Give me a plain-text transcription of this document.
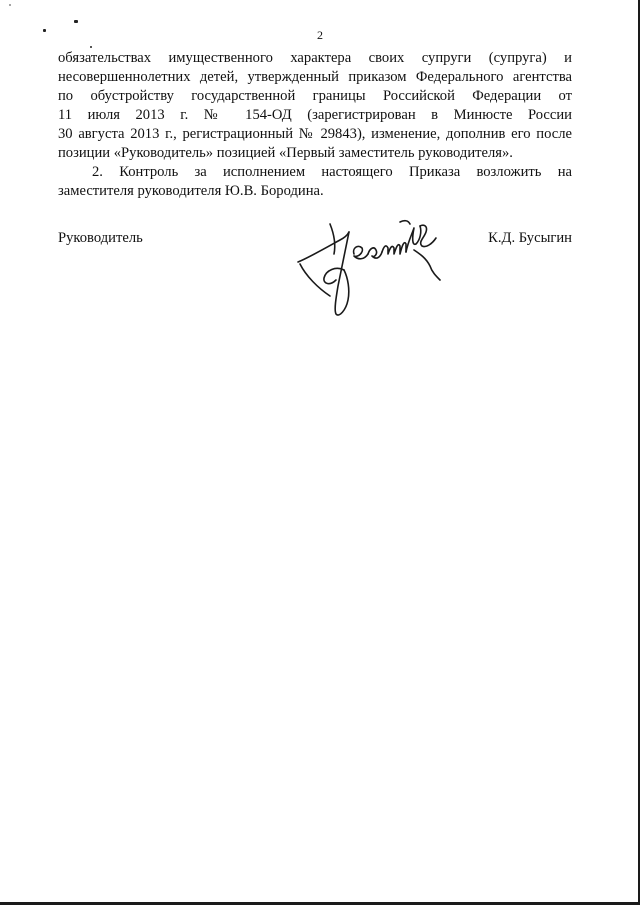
2
обязательствах имущественного характера своих супруги (супруга) и
несовершеннолетних детей, утвержденный приказом Федерального агентства
по обустройству государственной границы Российской Федерации от
11 июля 2013 г. № 154-ОД (зарегистрирован в Минюсте России
30 августа 2013 г., регистрационный № 29843), изменение, дополнив его после
позиции «Руководитель» позицией «Первый заместитель руководителя».
2. Контроль за исполнением настоящего Приказа возложить на
заместителя руководителя Ю.В. Бородина.
Руководитель	К.Д. Бусыгин
